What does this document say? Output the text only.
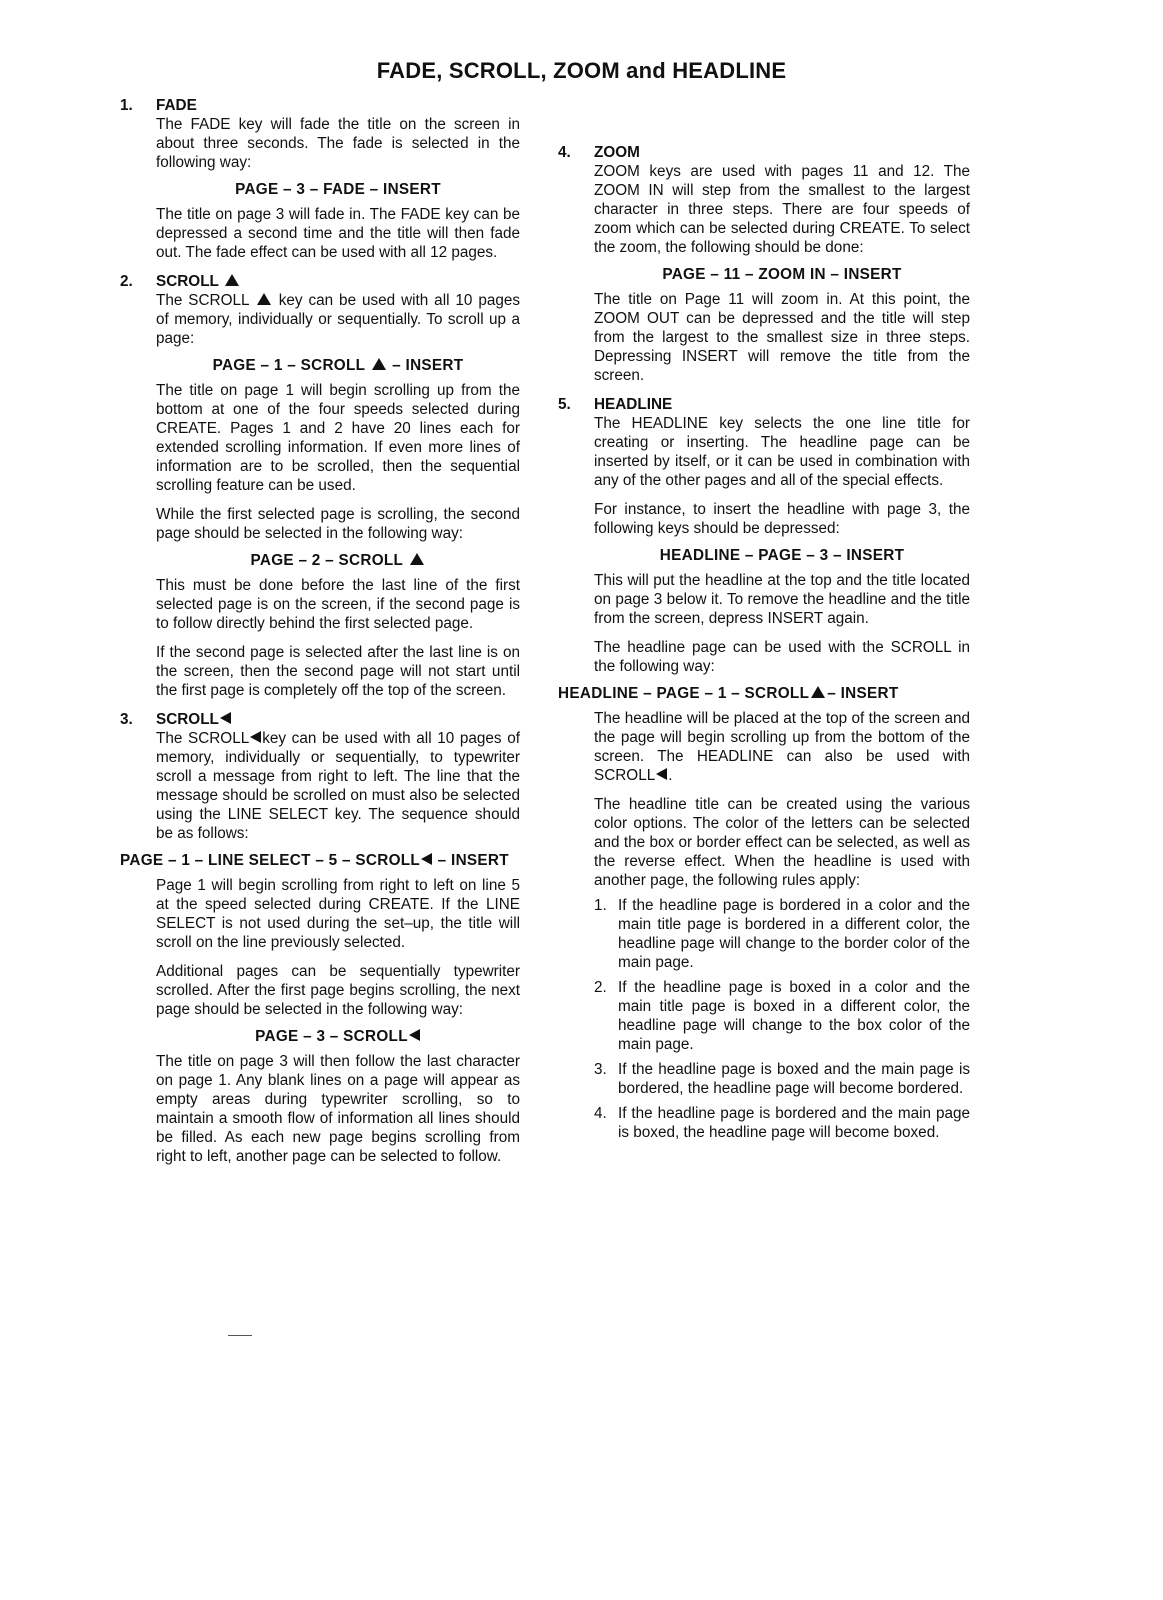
FADE, SCROLL, ZOOM and HEADLINE
1.	FADE

The FADE key will fade the title on the screen in about three seconds. The fade is selected in the following way:

PAGE – 3 – FADE – INSERT

The title on page 3 will fade in. The FADE key can be depressed a second time and the title will then fade out. The fade effect can be used with all 12 pages.

2.	SCROLL

The SCROLL key can be used with all 10 pages of memory, individually or sequentially. To scroll up a page:

PAGE – 1 – SCROLL – INSERT

The title on page 1 will begin scrolling up from the bottom at one of the four speeds selected during CREATE. Pages 1 and 2 have 20 lines each for extended scrolling information. If even more lines of information are to be scrolled, then the sequential scrolling feature can be used.

While the first selected page is scrolling, the second page should be selected in the following way:

PAGE – 2 – SCROLL

This must be done before the last line of the first selected page is on the screen, if the second page is to follow directly behind the first selected page.

If the second page is selected after the last line is on the screen, then the second page will not start until the first page is completely off the top of the screen.

3.	SCROLL

The SCROLL key can be used with all 10 pages of memory, individually or sequentially, to typewriter scroll a message from right to left. The line that the message should be scrolled on must also be selected using the LINE SELECT key. The sequence should be as follows:

PAGE – 1 – LINE SELECT – 5 – SCROLL – INSERT

Page 1 will begin scrolling from right to left on line 5 at the speed selected during CREATE. If the LINE SELECT is not used during the set–up, the title will scroll on the line previously selected.

Additional pages can be sequentially typewriter scrolled. After the first page begins scrolling, the next page should be selected in the following way:

PAGE – 3 – SCROLL

The title on page 3 will then follow the last character on page 1. Any blank lines on a page will appear as empty areas during typewriter scrolling, so to maintain a smooth flow of information all lines should be filled. As each new page begins scrolling from right to left, another page can be selected to follow.

4.	ZOOM

ZOOM keys are used with pages 11 and 12. The ZOOM IN will step from the smallest to the largest character in three steps. There are four speeds of zoom which can be selected during CREATE. To select the zoom, the following should be done:

PAGE – 11 – ZOOM IN – INSERT

The title on Page 11 will zoom in. At this point, the ZOOM OUT can be depressed and the title will step from the largest to the smallest size in three steps. Depressing INSERT will remove the title from the screen.

5.	HEADLINE

The HEADLINE key selects the one line title for creating or inserting. The headline page can be inserted by itself, or it can be used in combination with any of the other pages and all of the special effects.

For instance, to insert the headline with page 3, the following keys should be depressed:

HEADLINE – PAGE – 3 – INSERT

This will put the headline at the top and the title located on page 3 below it. To remove the headline and the title from the screen, depress INSERT again.

The headline page can be used with the SCROLL in the following way:

HEADLINE – PAGE – 1 – SCROLL – INSERT

The headline will be placed at the top of the screen and the page will begin scrolling up from the bottom of the screen. The HEADLINE can also be used with SCROLL .

The headline title can be created using the various color options. The color of the letters can be selected and the box or border effect can be selected, as well as the reverse effect. When the headline is used with another page, the following rules apply:

1. If the headline page is bordered in a color and the main title page is bordered in a different color, the headline page will change to the border color of the main page.
2. If the headline page is boxed in a color and the main title page is boxed in a different color, the headline page will change to the box color of the main page.
3. If the headline page is boxed and the main page is bordered, the headline page will become bordered.
4. If the headline page is bordered and the main page is boxed, the headline page will become boxed.
